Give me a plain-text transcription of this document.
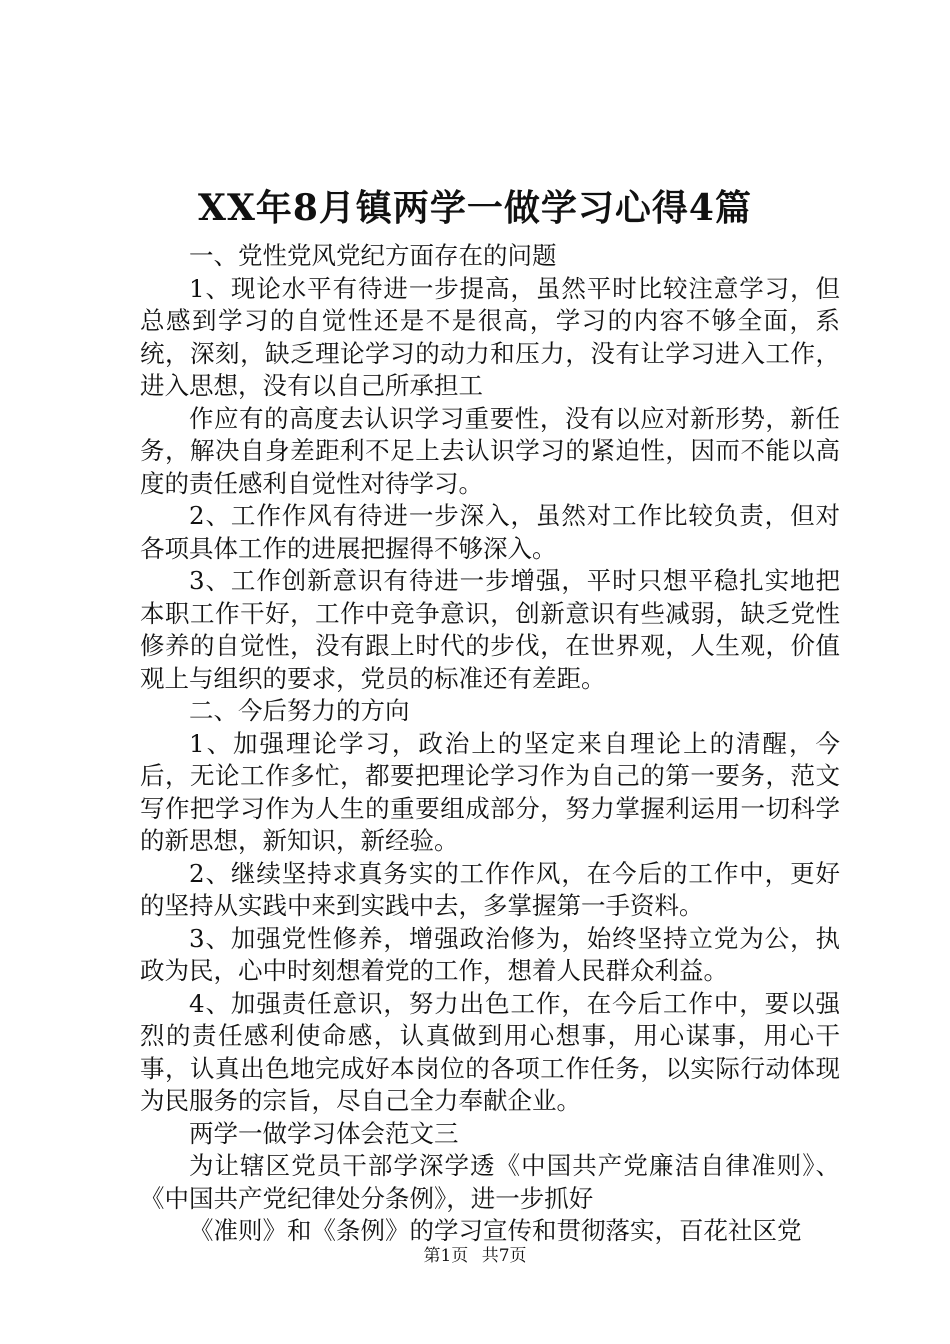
XX年8月镇两学一做学习心得4篇

一、党性党风党纪方面存在的问题

1、现论水平有待进一步提高，虽然平时比较注意学习，但总感到学习的自觉性还是不是很高，学习的内容不够全面，系统，深刻，缺乏理论学习的动力和压力，没有让学习进入工作，进入思想，没有以自己所承担工

作应有的高度去认识学习重要性，没有以应对新形势，新任务，解决自身差距利不足上去认识学习的紧迫性，因而不能以高度的责任感利自觉性对待学习。

2、工作作风有待进一步深入，虽然对工作比较负责，但对各项具体工作的进展把握得不够深入。

3、工作创新意识有待进一步增强，平时只想平稳扎实地把本职工作干好，工作中竞争意识，创新意识有些减弱，缺乏党性修养的自觉性，没有跟上时代的步伐，在世界观，人生观，价值观上与组织的要求，党员的标准还有差距。

二、今后努力的方向

1、加强理论学习，政治上的坚定来自理论上的清醒，今后，无论工作多忙，都要把理论学习作为自己的第一要务，范文写作把学习作为人生的重要组成部分，努力掌握利运用一切科学的新思想，新知识，新经验。

2、继续坚持求真务实的工作作风，在今后的工作中，更好的坚持从实践中来到实践中去，多掌握第一手资料。

3、加强党性修养，增强政治修为，始终坚持立党为公，执政为民，心中时刻想着党的工作，想着人民群众利益。

4、加强责任意识，努力出色工作，在今后工作中，要以强烈的责任感利使命感，认真做到用心想事，用心谋事，用心干事，认真出色地完成好本岗位的各项工作任务，以实际行动体现为民服务的宗旨，尽自己全力奉献企业。

两学一做学习体会范文三

为让辖区党员干部学深学透《中国共产党廉洁自律准则》、《中国共产党纪律处分条例》，进一步抓好

《准则》和《条例》的学习宣传和贯彻落实，百花社区党

第1页 共7页
